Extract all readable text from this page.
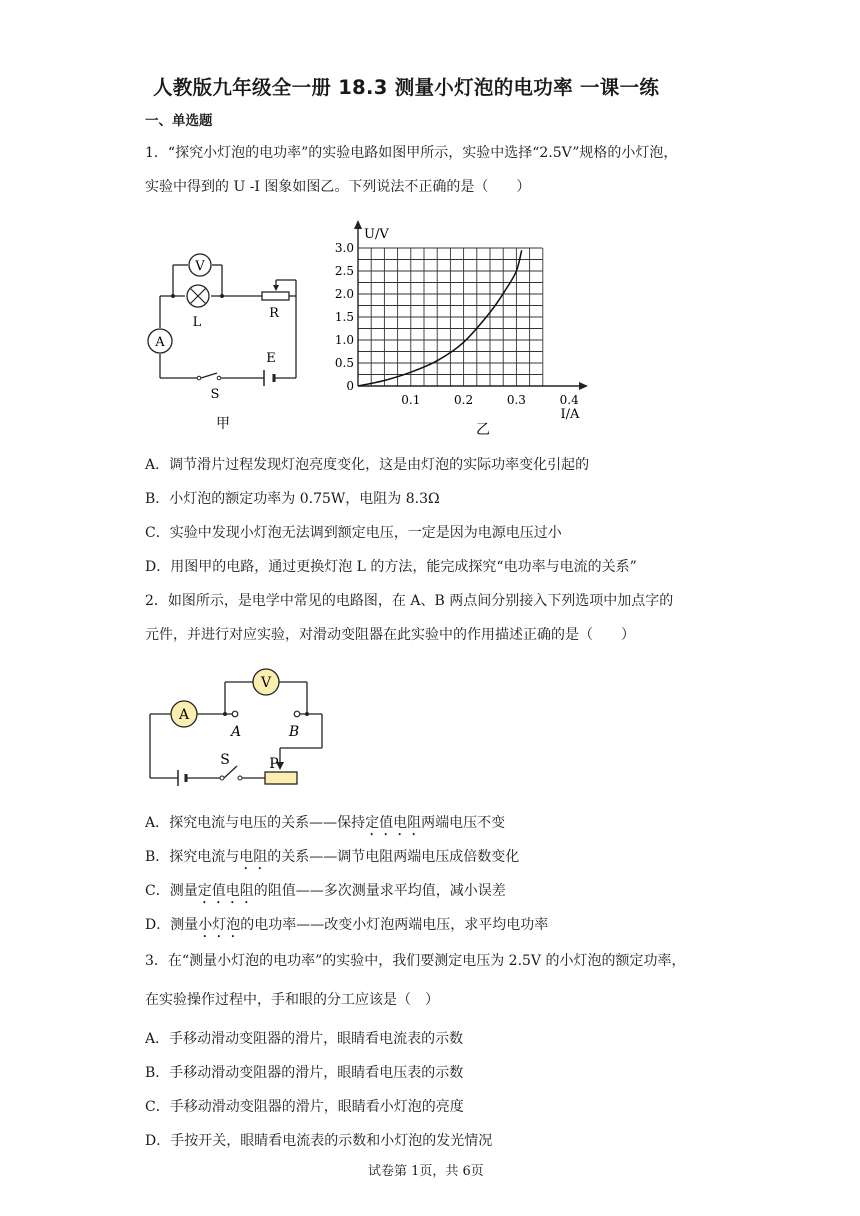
人教版九年级全一册 18.3 测量小灯泡的电功率 一课一练
一、单选题
1．“探究小灯泡的电功率”的实验电路如图甲所示，实验中选择“2.5V”规格的小灯泡，
实验中得到的 U -I 图象如图乙。下列说法不正确的是（　　）
V
A
L
R
E
S
甲
0
0.5
1.0
1.5
2.0
2.5
3.0
0.1	0.2	0.3	0.4
U/V
I/A
乙
A．调节滑片过程发现灯泡亮度变化，这是由灯泡的实际功率变化引起的
B．小灯泡的额定功率为 0.75W，电阻为 8.3Ω
C．实验中发现小灯泡无法调到额定电压，一定是因为电源电压过小
D．用图甲的电路，通过更换灯泡 L 的方法，能完成探究“电功率与电流的关系”
2．如图所示，是电学中常见的电路图，在 A、B 两点间分别接入下列选项中加点字的
元件，并进行对应实验，对滑动变阻器在此实验中的作用描述正确的是（　　）
A
V
A	B
S	P
A．探究电流与电压的关系——保持定值电阻两端电压不变
B．探究电流与电阻的关系——调节电阻两端电压成倍数变化
C．测量定值电阻的阻值——多次测量求平均值，减小误差
D．测量小灯泡的电功率——改变小灯泡两端电压，求平均电功率
3．在“测量小灯泡的电功率”的实验中，我们要测定电压为 2.5V 的小灯泡的额定功率，
在实验操作过程中，手和眼的分工应该是（　）
A．手移动滑动变阻器的滑片，眼睛看电流表的示数
B．手移动滑动变阻器的滑片，眼睛看电压表的示数
C．手移动滑动变阻器的滑片，眼睛看小灯泡的亮度
D．手按开关，眼睛看电流表的示数和小灯泡的发光情况
试卷第 1页，共 6页
